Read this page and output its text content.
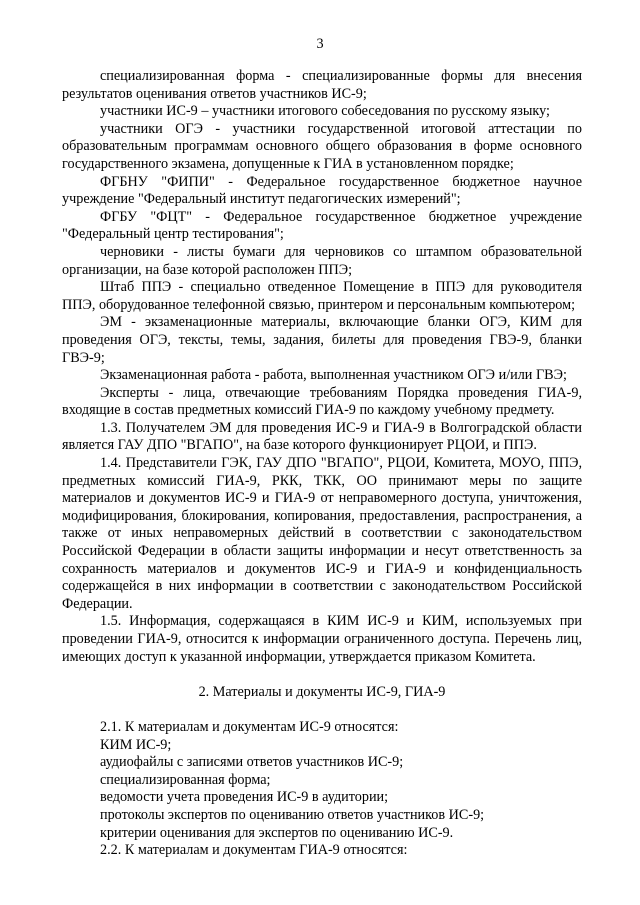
3

специализированная форма - специализированные формы для внесения результатов оценивания ответов участников ИС-9;

участники ИС-9 – участники итогового собеседования по русскому языку;

участники ОГЭ - участники государственной итоговой аттестации по образовательным программам основного общего образования в форме основного государственного экзамена, допущенные к ГИА в установленном порядке;

ФГБНУ "ФИПИ" - Федеральное государственное бюджетное научное учреждение "Федеральный институт педагогических измерений";

ФГБУ "ФЦТ" - Федеральное государственное бюджетное учреждение "Федеральный центр тестирования";

черновики - листы бумаги для черновиков со штампом образовательной организации, на базе которой расположен ППЭ;

Штаб ППЭ - специально отведенное Помещение в ППЭ для руководителя ППЭ, оборудованное телефонной связью, принтером и персональным компьютером;

ЭМ - экзаменационные материалы, включающие бланки ОГЭ, КИМ для проведения ОГЭ, тексты, темы, задания, билеты для проведения ГВЭ-9, бланки ГВЭ-9;

Экзаменационная работа - работа, выполненная участником ОГЭ и/или ГВЭ;

Эксперты - лица, отвечающие требованиям Порядка проведения ГИА-9, входящие в состав предметных комиссий ГИА-9 по каждому учебному предмету.

1.3. Получателем ЭМ для проведения ИС-9 и ГИА-9 в Волгоградской области является ГАУ ДПО "ВГАПО", на базе которого функционирует РЦОИ, и ППЭ.

1.4. Представители ГЭК, ГАУ ДПО "ВГАПО", РЦОИ, Комитета, МОУО, ППЭ, предметных комиссий ГИА-9, РКК, ТКК, ОО принимают меры по защите материалов и документов ИС-9 и ГИА-9 от неправомерного доступа, уничтожения, модифицирования, блокирования, копирования, предоставления, распространения, а также от иных неправомерных действий в соответствии с законодательством Российской Федерации в области защиты информации и несут ответственность за сохранность материалов и документов ИС-9 и ГИА-9 и конфиденциальность содержащейся в них информации в соответствии с законодательством Российской Федерации.

1.5. Информация, содержащаяся в КИМ ИС-9 и КИМ, используемых при проведении ГИА-9, относится к информации ограниченного доступа. Перечень лиц, имеющих доступ к указанной информации, утверждается приказом Комитета.

2. Материалы и документы ИС-9, ГИА-9

2.1. К материалам и документам ИС-9 относятся:
КИМ ИС-9;
аудиофайлы с записями ответов участников ИС-9;
специализированная форма;
ведомости учета проведения ИС-9 в аудитории;
протоколы экспертов по оцениванию ответов участников ИС-9;
критерии оценивания для экспертов по оцениванию ИС-9.
2.2. К материалам и документам ГИА-9 относятся:
